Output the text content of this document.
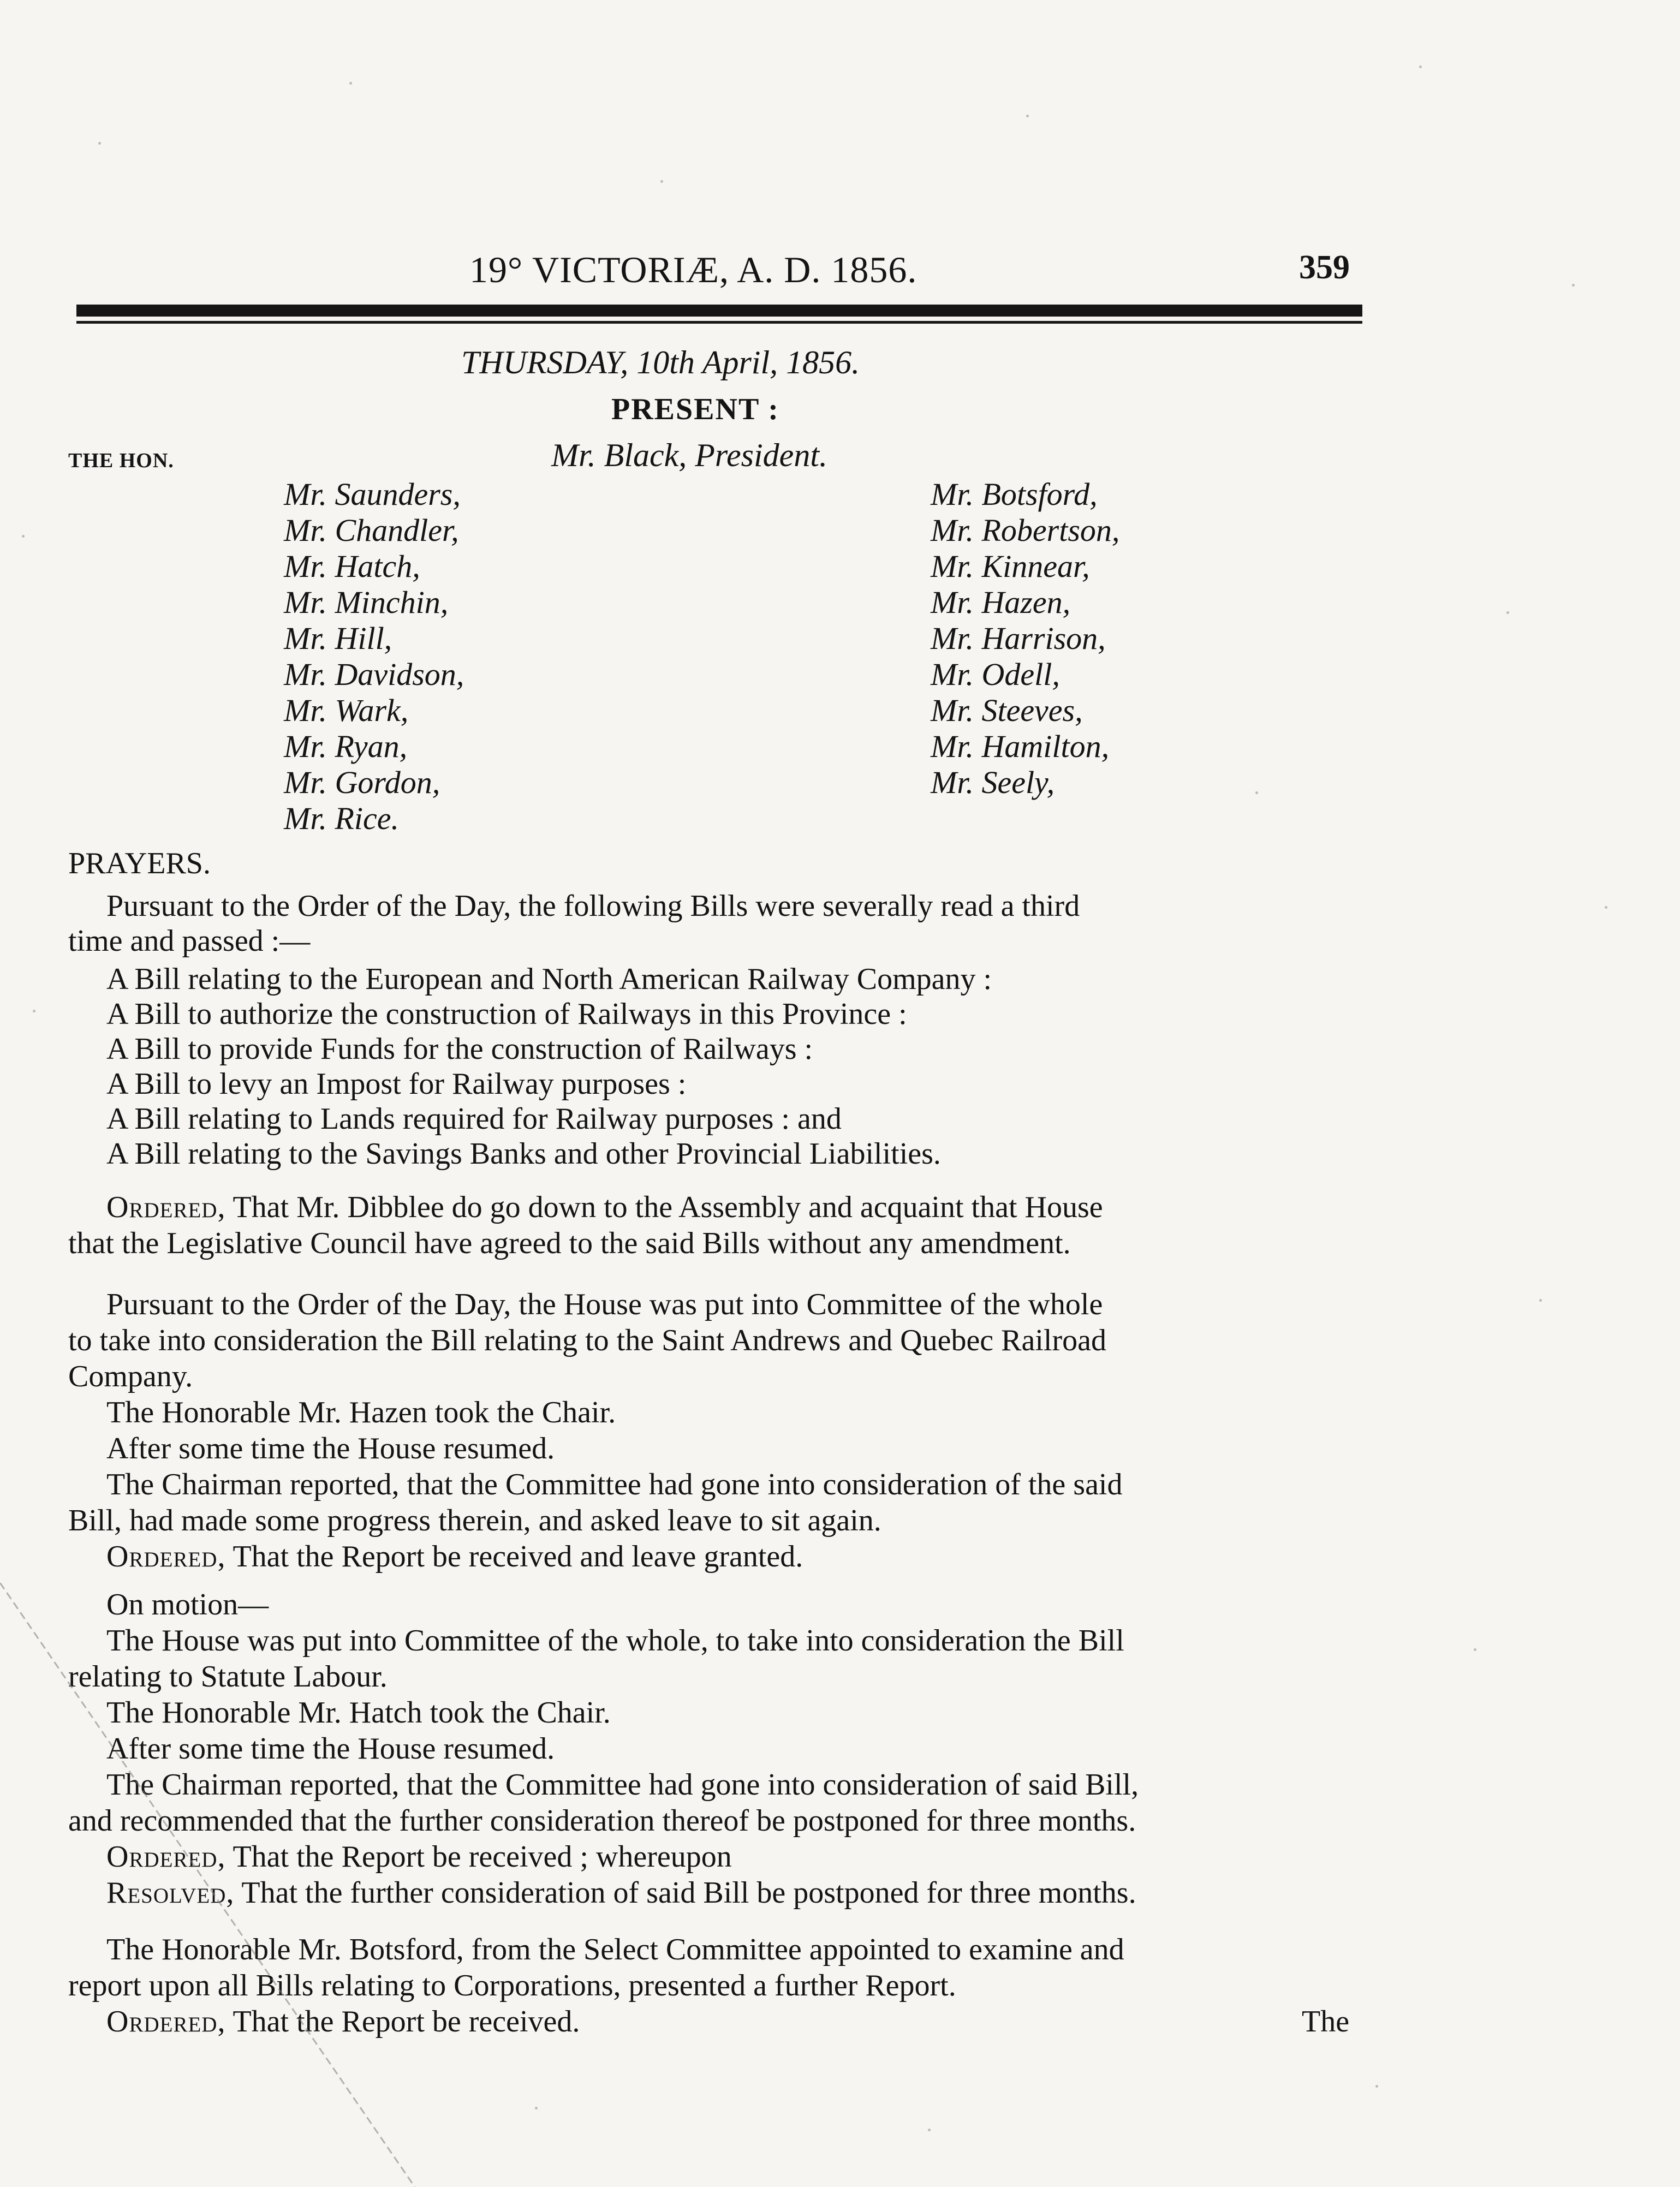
19° VICTORIÆ, A. D. 1856.	359
THURSDAY, 10th April, 1856.
PRESENT :
THE HON.	Mr. Black, President.
Mr. Saunders,
Mr. Chandler,
Mr. Hatch,
Mr. Minchin,
Mr. Hill,
Mr. Davidson,
Mr. Wark,
Mr. Ryan,
Mr. Gordon,
Mr. Rice.
Mr. Botsford,
Mr. Robertson,
Mr. Kinnear,
Mr. Hazen,
Mr. Harrison,
Mr. Odell,
Mr. Steeves,
Mr. Hamilton,
Mr. Seely,
PRAYERS.
Pursuant to the Order of the Day, the following Bills were severally read a third
time and passed :—
A Bill relating to the European and North American Railway Company :
A Bill to authorize the construction of Railways in this Province :
A Bill to provide Funds for the construction of Railways :
A Bill to levy an Impost for Railway purposes :
A Bill relating to Lands required for Railway purposes : and
A Bill relating to the Savings Banks and other Provincial Liabilities.
Ordered, That Mr. Dibblee do go down to the Assembly and acquaint that House
that the Legislative Council have agreed to the said Bills without any amendment.
Pursuant to the Order of the Day, the House was put into Committee of the whole
to take into consideration the Bill relating to the Saint Andrews and Quebec Railroad
Company.
The Honorable Mr. Hazen took the Chair.
After some time the House resumed.
The Chairman reported, that the Committee had gone into consideration of the said
Bill, had made some progress therein, and asked leave to sit again.
Ordered, That the Report be received and leave granted.
On motion—
The House was put into Committee of the whole, to take into consideration the Bill
relating to Statute Labour.
The Honorable Mr. Hatch took the Chair.
After some time the House resumed.
The Chairman reported, that the Committee had gone into consideration of said Bill,
and recommended that the further consideration thereof be postponed for three months.
Ordered, That the Report be received ; whereupon
Resolved, That the further consideration of said Bill be postponed for three months.
The Honorable Mr. Botsford, from the Select Committee appointed to examine and
report upon all Bills relating to Corporations, presented a further Report.
Ordered, That the Report be received.	The
